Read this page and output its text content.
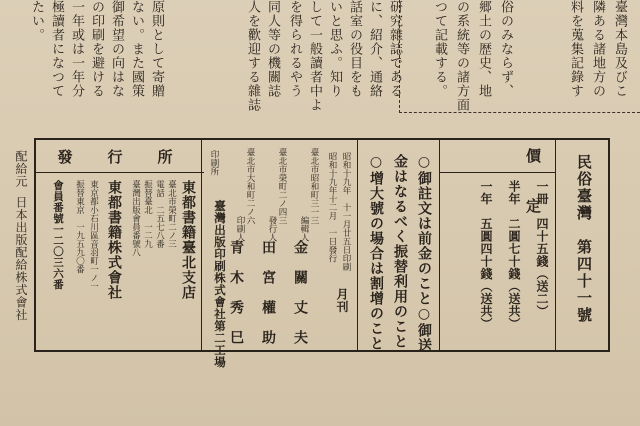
臺灣本島及びこ
隣ある諸地方の
料を蒐集記錄す
俗のみならず、
郷土の歴史、地
の系統等の諸方面
つて記載する。
研究雜誌である
に、紹介、通絡
話室の役目をも
いと思ふ。知り
して一般讀者中よ
を得られるやう
同人等の機關誌
人を歡迎する雜誌
原則として寄贈
ない。また國策
御希望の向はな
の印刷を避ける
一年或は一年分
極讀者になつて
たい。
民俗臺灣　第四十一號
價　定
一冊　四十五錢（送二）
半年　二圓七十錢（送共）
一年　五圓四十錢（送共）
○御註文は前金のこと○御送
金はなるべく振替利用のこと
○增大號の場合は割增のこと
昭和十九年　十一月廿五日印刷
昭和十九年十二月　一日發行
月刊
臺北市昭和町三一三
編輯人
金　關　丈　夫
臺北市榮町二ノ四三
發行人
田　宮　權　助
臺北市大和町二ノ六
印刷人
青　木　秀　巳
印刷所
臺灣出版印刷株式會社第二工場
發　行　所
東都書籍臺北支店
臺北市榮町二ノ三
電話　二五七八番
振替臺北　一二九
臺灣出版會員番號八
東都書籍株式會社
東京都小石川區音羽町一ノ一
振替東京　一九五九〇番
會員番號一二〇三六番
配給元
日本出版配給株式會社
